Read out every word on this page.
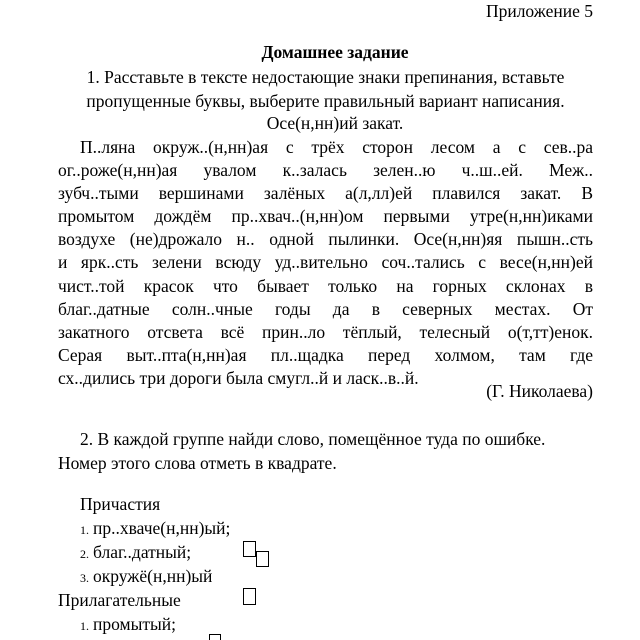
Приложение 5

Домашнее задание

1. Расставьте в тексте недостающие знаки препинания, вставьте
пропущенные буквы, выберите правильный вариант написания.

Осе(н,нн)ий закат.

П..ляна окруж..(н,нн)ая с трёх сторон лесом а с сев..ра
ог..роже(н,нн)ая увалом к..залась зелен..ю ч..ш..ей. Меж..
зубч..тыми вершинами залёных а(л,лл)ей плавился закат. В
промытом дождём пр..хвач..(н,нн)ом первыми утре(н,нн)иками
воздухе (не)дрожало н.. одной пылинки. Осе(н,нн)яя пышн..сть
и ярк..сть зелени всюду уд..вительно соч..тались с весе(н,нн)ей
чист..той красок что бывает только на горных склонах в
благ..датные солн..чные годы да в северных местах. От
закатного отсвета всё прин..ло тёплый, телесный о(т,тт)енок.
Серая выт..пта(н,нн)ая пл..щадка перед холмом, там где
сх..дились три дороги была смугл..й и ласк..в..й.

(Г. Николаева)

2. В каждой группе найди слово, помещённое туда по ошибке.
Номер этого слова отметь в квадрате.

Причастия

1. пр..хваче(н,нн)ый;

2. благ..датный;

3. окружё(н,нн)ый

Прилагательные

1. промытый;
